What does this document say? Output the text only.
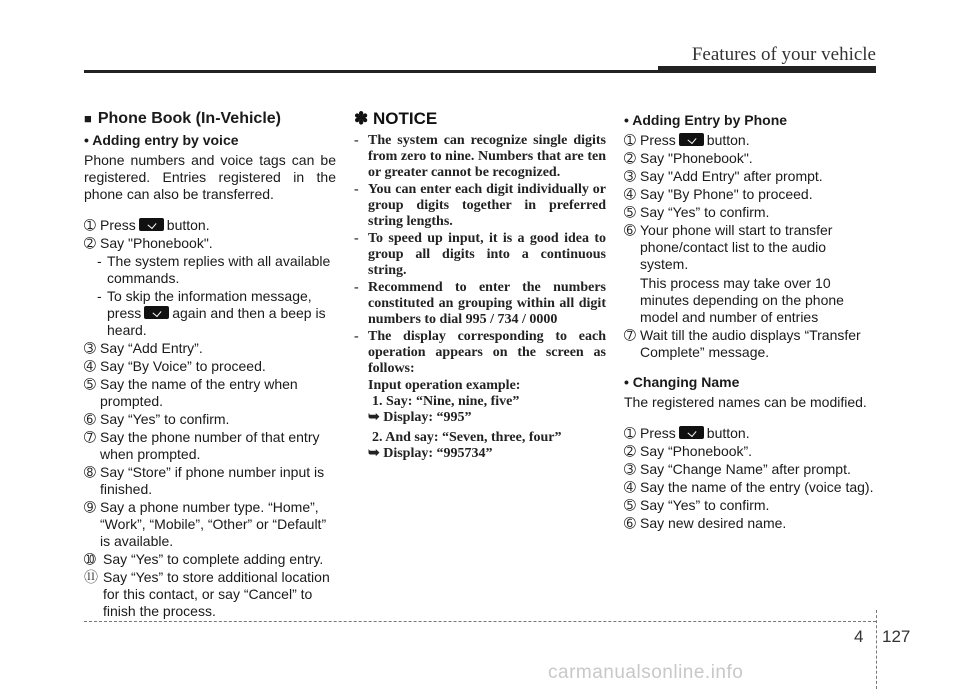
Features of your vehicle
■ Phone Book (In-Vehicle)
• Adding entry by voice

Phone numbers and voice tags can be registered. Entries registered in the phone can also be transferred.

➀ Press button.
➁ Say "Phonebook".
- The system replies with all available commands.
- To skip the information message, press again and then a beep is heard.
➂ Say “Add Entry”.
➃ Say “By Voice” to proceed.
➄ Say the name of the entry when prompted.
➅ Say “Yes” to confirm.
➆ Say the phone number of that entry when prompted.
➇ Say “Store” if phone number input is finished.
➈ Say a phone number type. “Home”, “Work”, “Mobile”, “Other” or “Default” is available.
➉ Say “Yes” to complete adding entry.
⑪ Say “Yes” to store additional location for this contact, or say “Cancel” to finish the process.
✽ NOTICE
- The system can recognize single digits from zero to nine. Numbers that are ten or greater cannot be recognized.
- You can enter each digit individually or group digits together in preferred string lengths.
- To speed up input, it is a good idea to group all digits into a continuous string.
- Recommend to enter the numbers constituted an grouping within all digit numbers to dial 995 / 734 / 0000
- The display corresponding to each operation appears on the screen as follows:
Input operation example:
1. Say: “Nine, nine, five”
➥ Display: “995”
2. And say: “Seven, three, four”
➥ Display: “995734”
• Adding Entry by Phone
➀ Press button.
➁ Say "Phonebook".
➂ Say "Add Entry" after prompt.
➃ Say "By Phone" to proceed.
➄ Say “Yes” to confirm.
➅ Your phone will start to transfer phone/contact list to the audio system.
This process may take over 10 minutes depending on the phone model and number of entries
➆ Wait till the audio displays “Transfer Complete” message.
• Changing Name

The registered names can be modified.

➀ Press button.
➁ Say “Phonebook”.
➂ Say “Change Name” after prompt.
➃ Say the name of the entry (voice tag).
➄ Say “Yes” to confirm.
➅ Say new desired name.
4 127
carmanualsonline.info
